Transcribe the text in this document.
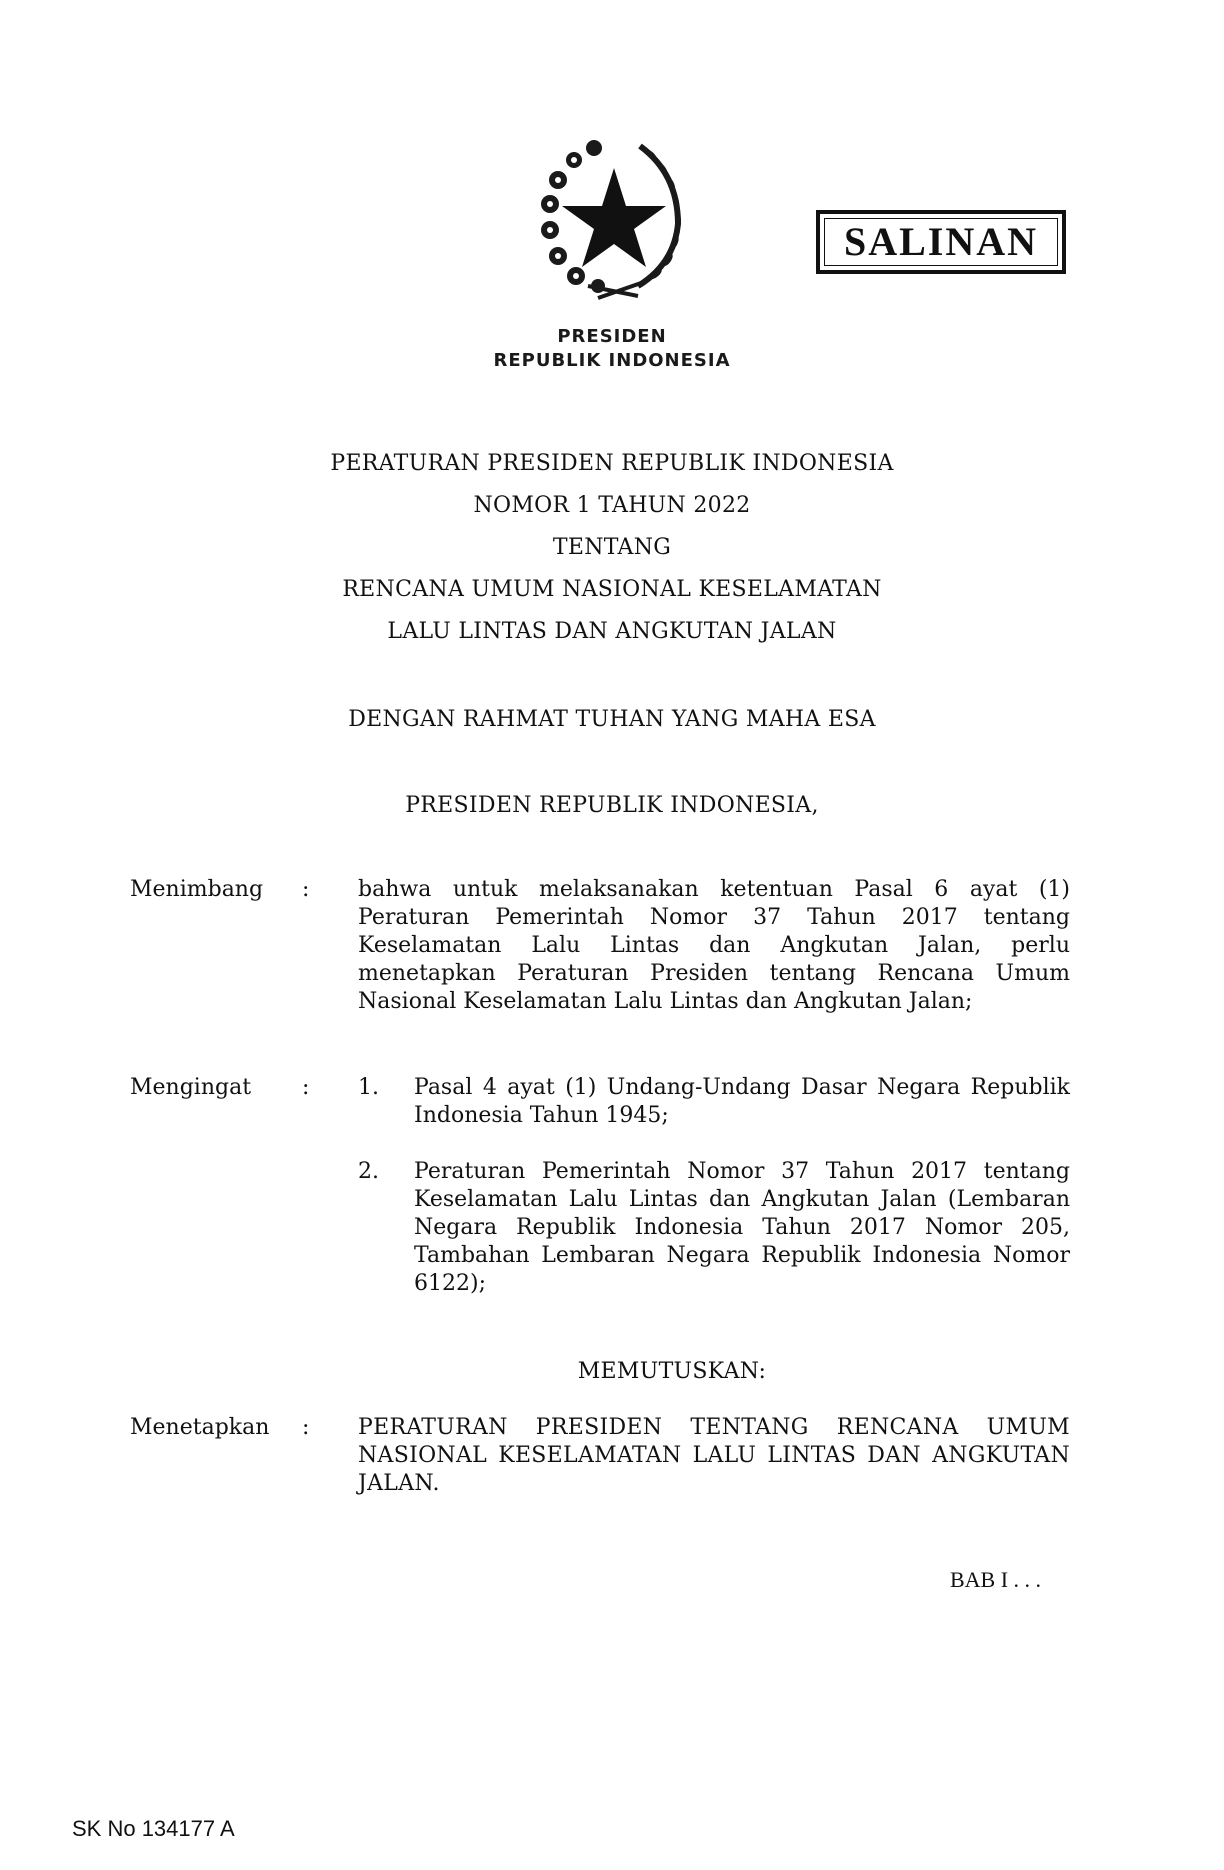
SALINAN
PRESIDEN
REPUBLIK INDONESIA
PERATURAN PRESIDEN REPUBLIK INDONESIA
NOMOR 1 TAHUN 2022
TENTANG
RENCANA UMUM NASIONAL KESELAMATAN
LALU LINTAS DAN ANGKUTAN JALAN
DENGAN RAHMAT TUHAN YANG MAHA ESA
PRESIDEN REPUBLIK INDONESIA,
Menimbang : bahwa untuk melaksanakan ketentuan Pasal 6 ayat (1) Peraturan Pemerintah Nomor 37 Tahun 2017 tentang Keselamatan Lalu Lintas dan Angkutan Jalan, perlu menetapkan Peraturan Presiden tentang Rencana Umum Nasional Keselamatan Lalu Lintas dan Angkutan Jalan;
Mengingat : 1. Pasal 4 ayat (1) Undang-Undang Dasar Negara Republik Indonesia Tahun 1945;
2. Peraturan Pemerintah Nomor 37 Tahun 2017 tentang Keselamatan Lalu Lintas dan Angkutan Jalan (Lembaran Negara Republik Indonesia Tahun 2017 Nomor 205, Tambahan Lembaran Negara Republik Indonesia Nomor 6122);
MEMUTUSKAN:
Menetapkan : PERATURAN PRESIDEN TENTANG RENCANA UMUM NASIONAL KESELAMATAN LALU LINTAS DAN ANGKUTAN JALAN.
BAB I . . .
SK No 134177 A
